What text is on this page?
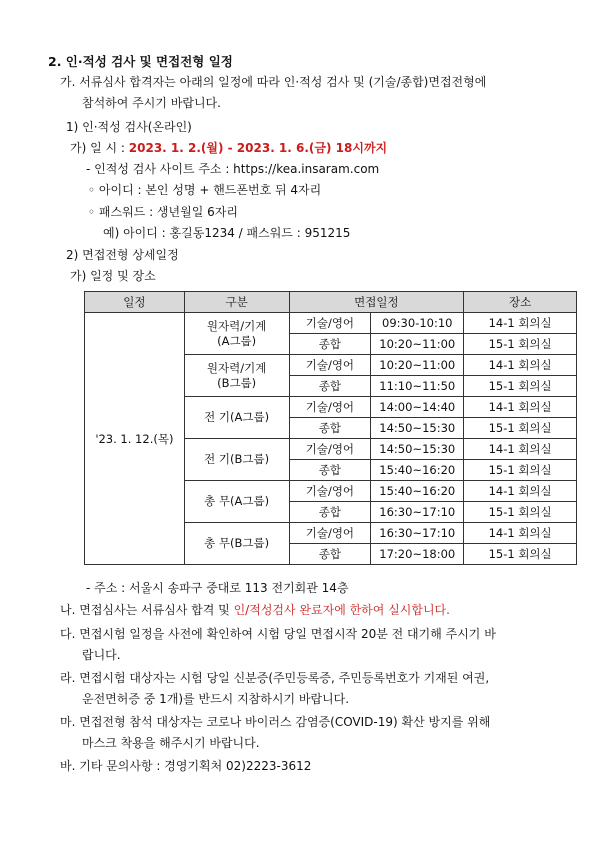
2. 인·적성 검사 및 면접전형 일정
가. 서류심사 합격자는 아래의 일정에 따라 인·적성 검사 및 (기술/종합)면접전형에
참석하여 주시기 바랍니다.
1) 인·적성 검사(온라인)
가) 일 시 : 2023. 1. 2.(월) - 2023. 1. 6.(금) 18시까지
- 인적성 검사 사이트 주소 : https://kea.insaram.com
◦ 아이디 : 본인 성명 + 핸드폰번호 뒤 4자리
◦ 패스워드 : 생년월일 6자리
예) 아이디 : 홍길동1234 / 패스워드 : 951215
2) 면접전형 상세일정
가) 일정 및 장소
일정	구분	면접일정		장소
'23. 1. 12.(목)	원자력/기계
(A그룹)	기술/영어	09:30-10:10	14-1 회의실
		종합	10:20~11:00	15-1 회의실

	원자력/기계
(B그룹)	기술/영어	10:20~11:00	14-1 회의실
		종합	11:10~11:50	15-1 회의실

	전 기(A그룹)	기술/영어	14:00~14:40	14-1 회의실
		종합	14:50~15:30	15-1 회의실

	전 기(B그룹)	기술/영어	14:50~15:30	14-1 회의실
		종합	15:40~16:20	15-1 회의실

	총 무(A그룹)	기술/영어	15:40~16:20	14-1 회의실
		종합	16:30~17:10	15-1 회의실

	총 무(B그룹)	기술/영어	16:30~17:10	14-1 회의실
		종합	17:20~18:00	15-1 회의실
- 주소 : 서울시 송파구 중대로 113 전기회관 14층
나. 면접심사는 서류심사 합격 및 인/적성검사 완료자에 한하여 실시합니다.
다. 면접시험 일정을 사전에 확인하여 시험 당일 면접시작 20분 전 대기해 주시기 바
랍니다.
라. 면접시험 대상자는 시험 당일 신분증(주민등록증, 주민등록번호가 기재된 여권,
운전면허증 중 1개)를 반드시 지참하시기 바랍니다.
마. 면접전형 참석 대상자는 코로나 바이러스 감염증(COVID-19) 확산 방지를 위해
마스크 착용을 해주시기 바랍니다.
바. 기타 문의사항 : 경영기획처 02)2223-3612
